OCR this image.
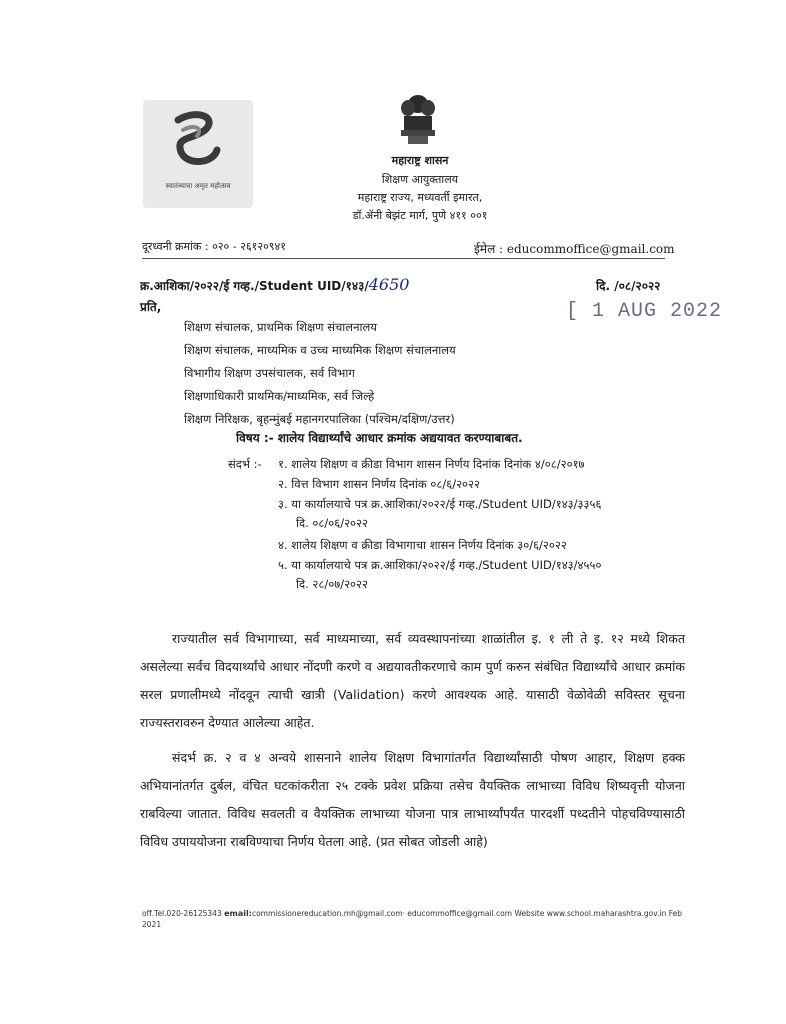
स्वातंत्र्याचा अमृत महोत्सव
महाराष्ट्र शासन
शिक्षण आयुक्तालय
महाराष्ट्र राज्य, मध्यवर्ती इमारत,
डॉ.ॲनी बेझंट मार्ग, पुणे ४११ ००१
दूरध्वनी क्रमांक : ०२० - २६१२०९४१	ईमेल : educommoffice@gmail.com
क्र.आशिका/२०२२/ई गव्ह./Student UID/१४३/4650	दि. /०८/२०२२
[ 1 AUG 2022
प्रति,
शिक्षण संचालक, प्राथमिक शिक्षण संचालनालय
शिक्षण संचालक, माध्यमिक व उच्च माध्यमिक शिक्षण संचालनालय
विभागीय शिक्षण उपसंचालक, सर्व विभाग
शिक्षणाधिकारी प्राथमिक/माध्यमिक, सर्व जिल्हे
शिक्षण निरिक्षक, बृहन्मुंबई महानगरपालिका (पश्चिम/दक्षिण/उत्तर)
विषय :- शालेय विद्यार्थ्यांचे आधार क्रमांक अद्ययावत करण्याबाबत.
संदर्भ :- १. शालेय शिक्षण व क्रीडा विभाग शासन निर्णय दिनांक दिनांक ४/०८/२०१७
२. वित्त विभाग शासन निर्णय दिनांक ०८/६/२०२२
३. या कार्यालयाचे पत्र क्र.आशिका/२०२२/ई गव्ह./Student UID/१४३/३३५६
दि. ०८/०६/२०२२
४. शालेय शिक्षण व क्रीडा विभागाचा शासन निर्णय दिनांक ३०/६/२०२२
५. या कार्यालयाचे पत्र क्र.आशिका/२०२२/ई गव्ह./Student UID/१४३/४५५०
दि. २८/०७/२०२२
राज्यातील सर्व विभागाच्या, सर्व माध्यमाच्या, सर्व व्यवस्थापनांच्या शाळांतील इ. १ ली ते इ. १२ मध्ये शिकत असलेल्या सर्वच विदयार्थ्यांचे आधार नोंदणी करणे व अद्ययावतीकरणाचे काम पुर्ण करुन संबंधित विद्यार्थ्यांचे आधार क्रमांक सरल प्रणालीमध्ये नोंदवून त्याची खात्री (Validation) करणे आवश्यक आहे. यासाठी वेळोवेळी सविस्तर सूचना राज्यस्तरावरुन देण्यात आलेल्या आहेत.
संदर्भ क्र. २ व ४ अन्वये शासनाने शालेय शिक्षण विभागांतर्गत विद्यार्थ्यांसाठी पोषण आहार, शिक्षण हक्क अभियानांतर्गत दुर्बल, वंचित घटकांकरीता २५ टक्के प्रवेश प्रक्रिया तसेच वैयक्तिक लाभाच्या विविध शिष्यवृत्ती योजना राबविल्या जातात. विविध सवलती व वैयक्तिक लाभाच्या योजना पात्र लाभार्थ्यांपर्यंत पारदर्शी पध्दतीने पोहचविण्यासाठी विविध उपाययोजना राबविण्याचा निर्णय घेतला आहे. (प्रत सोबत जोडली आहे)
off.Tel.020-26125343 email:commissionereducation.mh@gmail.com· educommoffice@gmail.com Website www.school.maharashtra.gov.in Feb 2021
